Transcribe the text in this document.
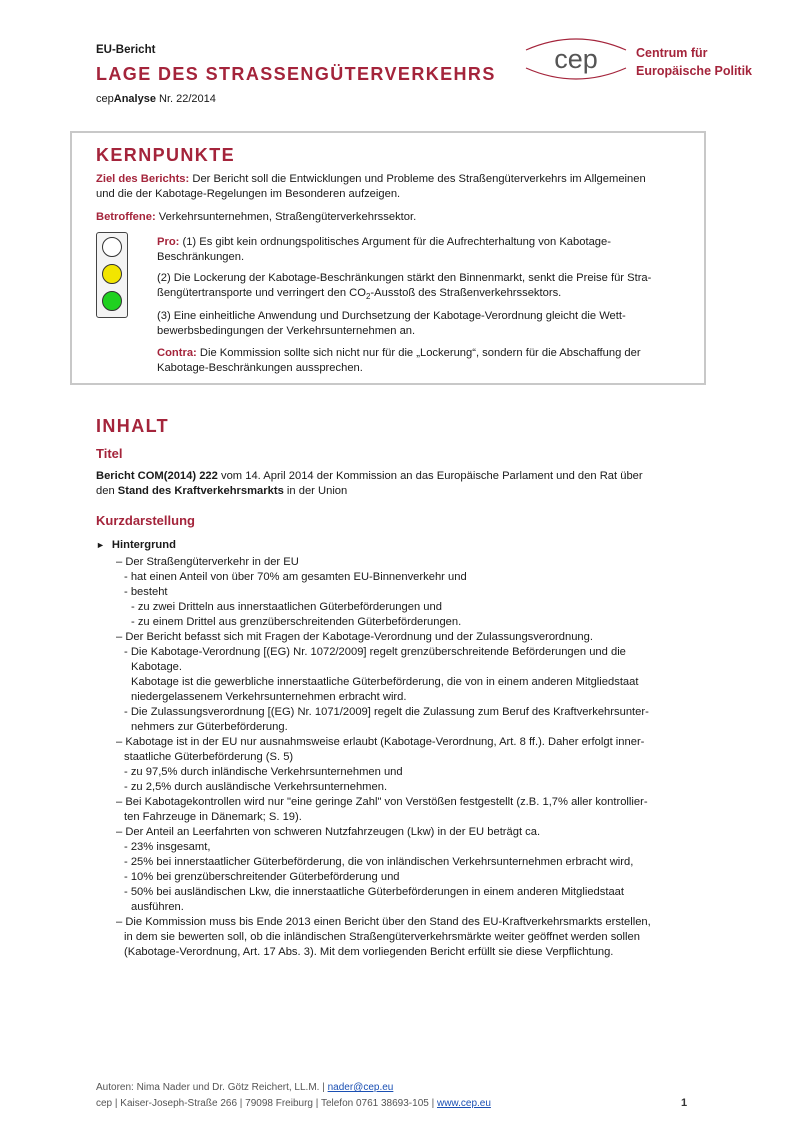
EU-Bericht
LAGE DES STRASSENGÜTERVERKEHRS
cepAnalyse Nr. 22/2014
cep	Centrum für
Europäische Politik
KERNPUNKTE
Ziel des Berichts: Der Bericht soll die Entwicklungen und Probleme des Straßengüterverkehrs im Allgemeinen
und die der Kabotage-Regelungen im Besonderen aufzeigen.
Betroffene: Verkehrsunternehmen, Straßengüterverkehrssektor.
Pro: (1) Es gibt kein ordnungspolitisches Argument für die Aufrechterhaltung von Kabotage-
Beschränkungen.
(2) Die Lockerung der Kabotage-Beschränkungen stärkt den Binnenmarkt, senkt die Preise für Stra-
ßengütertransporte und verringert den $CO_2$-Ausstoß des Straßenverkehrssektors.
(3) Eine einheitliche Anwendung und Durchsetzung der Kabotage-Verordnung gleicht die Wett-
bewerbsbedingungen der Verkehrsunternehmen an.
Contra: Die Kommission sollte sich nicht nur für die „Lockerung“, sondern für die Abschaffung der
Kabotage-Beschränkungen aussprechen.
INHALT
Titel
Bericht COM(2014) 222 vom 14. April 2014 der Kommission an das Europäische Parlament und den Rat über
den Stand des Kraftverkehrsmarkts in der Union
Kurzdarstellung
► Hintergrund
– Der Straßengüterverkehr in der EU
- hat einen Anteil von über 70% am gesamten EU-Binnenverkehr und
- besteht
- zu zwei Dritteln aus innerstaatlichen Güterbeförderungen und
- zu einem Drittel aus grenzüberschreitenden Güterbeförderungen.
– Der Bericht befasst sich mit Fragen der Kabotage-Verordnung und der Zulassungsverordnung.
- Die Kabotage-Verordnung [(EG) Nr. 1072/2009] regelt grenzüberschreitende Beförderungen und die
Kabotage.
Kabotage ist die gewerbliche innerstaatliche Güterbeförderung, die von in einem anderen Mitgliedstaat
niedergelassenem Verkehrsunternehmen erbracht wird.
- Die Zulassungsverordnung [(EG) Nr. 1071/2009] regelt die Zulassung zum Beruf des Kraftverkehrsunter-
nehmers zur Güterbeförderung.
– Kabotage ist in der EU nur ausnahmsweise erlaubt (Kabotage-Verordnung, Art. 8 ff.). Daher erfolgt inner-
staatliche Güterbeförderung (S. 5)
- zu 97,5% durch inländische Verkehrsunternehmen und
- zu 2,5% durch ausländische Verkehrsunternehmen.
– Bei Kabotagekontrollen wird nur "eine geringe Zahl" von Verstößen festgestellt (z.B. 1,7% aller kontrollier-
ten Fahrzeuge in Dänemark; S. 19).
– Der Anteil an Leerfahrten von schweren Nutzfahrzeugen (Lkw) in der EU beträgt ca.
- 23% insgesamt,
- 25% bei innerstaatlicher Güterbeförderung, die von inländischen Verkehrsunternehmen erbracht wird,
- 10% bei grenzüberschreitender Güterbeförderung und
- 50% bei ausländischen Lkw, die innerstaatliche Güterbeförderungen in einem anderen Mitgliedstaat
ausführen.
– Die Kommission muss bis Ende 2013 einen Bericht über den Stand des EU-Kraftverkehrsmarkts erstellen,
in dem sie bewerten soll, ob die inländischen Straßengüterverkehrsmärkte weiter geöffnet werden sollen
(Kabotage-Verordnung, Art. 17 Abs. 3). Mit dem vorliegenden Bericht erfüllt sie diese Verpflichtung.
Autoren: Nima Nader und Dr. Götz Reichert, LL.M. | nader@cep.eu
cep | Kaiser-Joseph-Straße 266 | 79098 Freiburg | Telefon 0761 38693-105 | www.cep.eu	1
